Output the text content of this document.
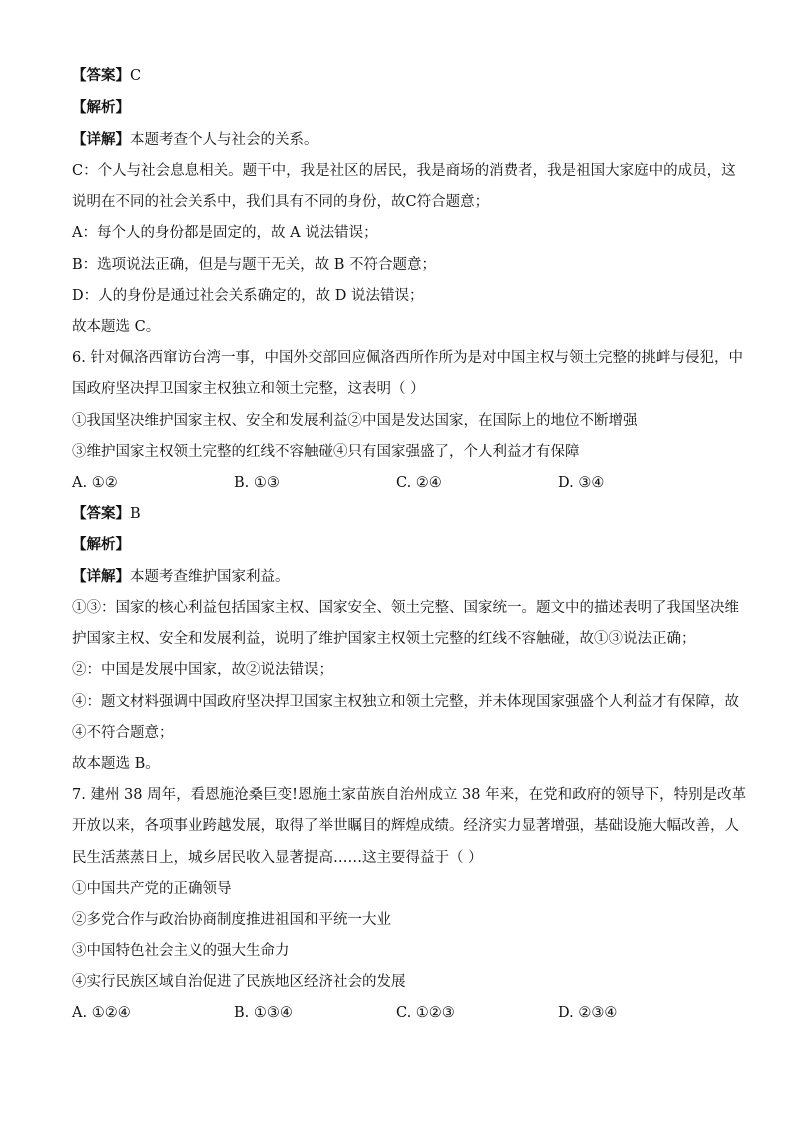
【答案】C
【解析】
【详解】本题考查个人与社会的关系。
C：个人与社会息息相关。题干中，我是社区的居民，我是商场的消费者，我是祖国大家庭中的成员，这
说明在不同的社会关系中，我们具有不同的身份，故C符合题意；
A：每个人的身份都是固定的，故 A 说法错误；
B：选项说法正确，但是与题干无关，故 B 不符合题意；
D：人的身份是通过社会关系确定的，故 D 说法错误；
故本题选 C。
6. 针对佩洛西窜访台湾一事，中国外交部回应佩洛西所作所为是对中国主权与领土完整的挑衅与侵犯，中
国政府坚决捍卫国家主权独立和领土完整，这表明（ ）
①我国坚决维护国家主权、安全和发展利益②中国是发达国家，在国际上的地位不断增强
③维护国家主权领土完整的红线不容触碰④只有国家强盛了，个人利益才有保障
A. ①②	B. ①③	C. ②④	D. ③④
【答案】B
【解析】
【详解】本题考查维护国家利益。
①③：国家的核心利益包括国家主权、国家安全、领土完整、国家统一。题文中的描述表明了我国坚决维
护国家主权、安全和发展利益，说明了维护国家主权领土完整的红线不容触碰，故①③说法正确；
②：中国是发展中国家，故②说法错误；
④：题文材料强调中国政府坚决捍卫国家主权独立和领土完整，并未体现国家强盛个人利益才有保障，故
④不符合题意；
故本题选 B。
7. 建州 38 周年，看恩施沧桑巨变!恩施土家苗族自治州成立 38 年来，在党和政府的领导下，特别是改革
开放以来，各项事业跨越发展，取得了举世瞩目的辉煌成绩。经济实力显著增强，基础设施大幅改善，人
民生活蒸蒸日上，城乡居民收入显著提高……这主要得益于（ ）
①中国共产党的正确领导
②多党合作与政治协商制度推进祖国和平统一大业
③中国特色社会主义的强大生命力
④实行民族区域自治促进了民族地区经济社会的发展
A. ①②④	B. ①③④	C. ①②③	D. ②③④
